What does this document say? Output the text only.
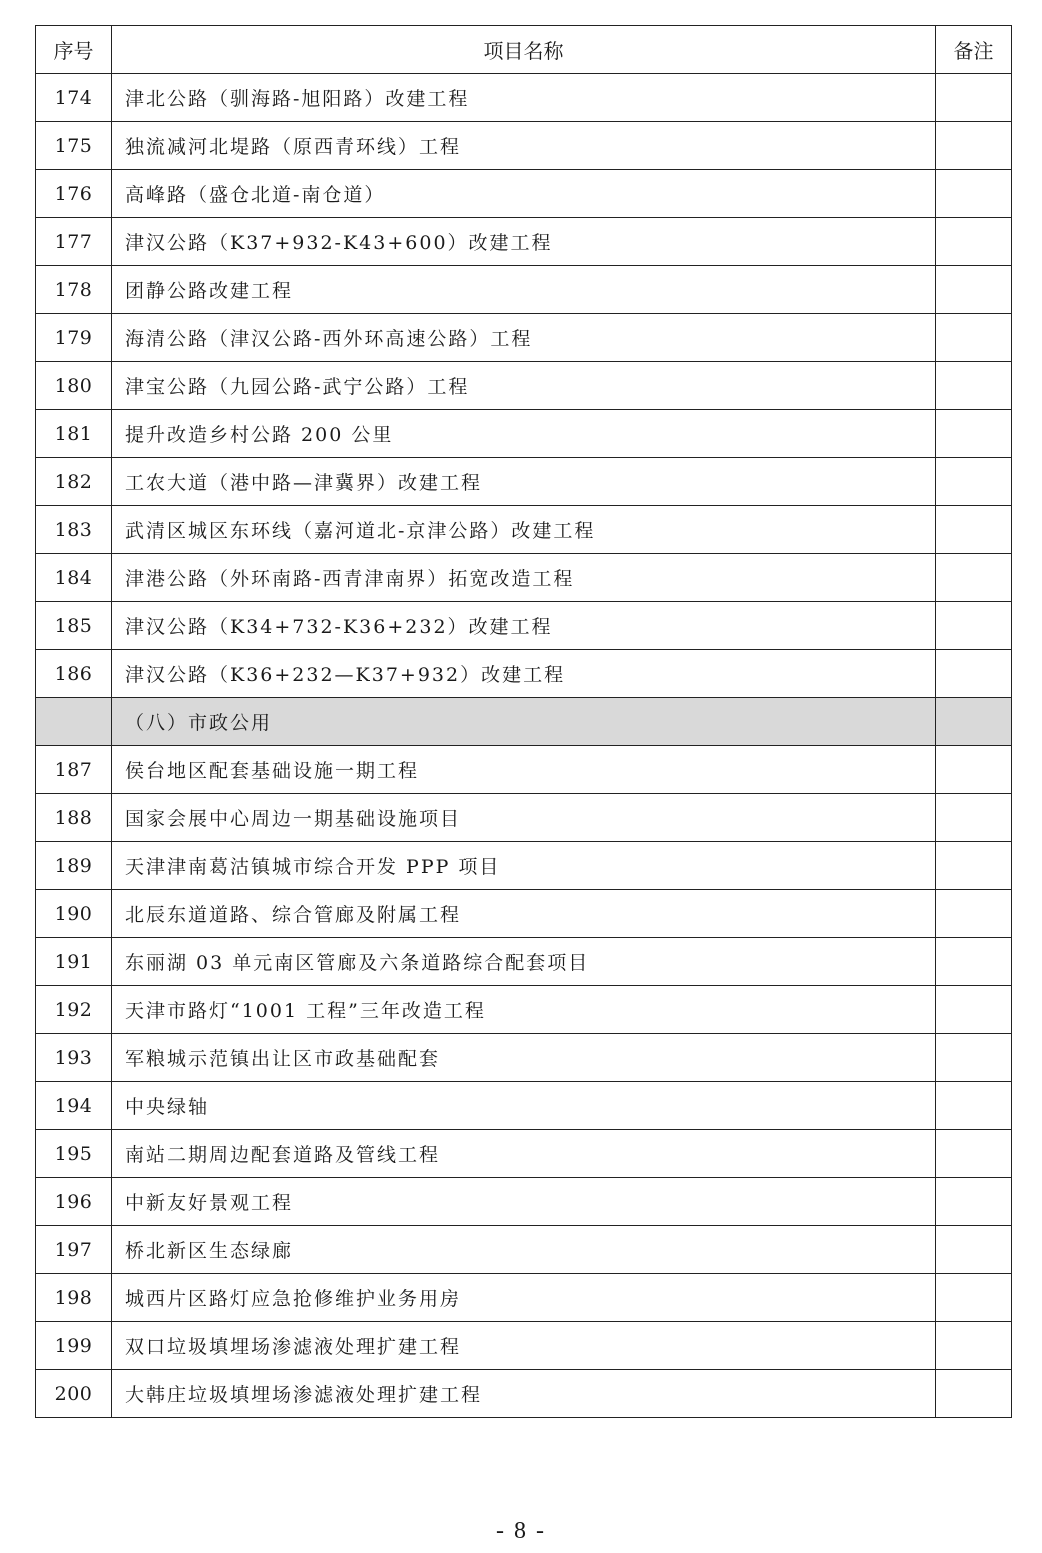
序号	项目名称	备注
174	津北公路（驯海路-旭阳路）改建工程	
175	独流减河北堤路（原西青环线）工程	
176	高峰路（盛仓北道-南仓道）	
177	津汉公路（K37+932-K43+600）改建工程	
178	团静公路改建工程	
179	海清公路（津汉公路-西外环高速公路）工程	
180	津宝公路（九园公路-武宁公路）工程	
181	提升改造乡村公路 200 公里	
182	工农大道（港中路—津冀界）改建工程	
183	武清区城区东环线（嘉河道北-京津公路）改建工程	
184	津港公路（外环南路-西青津南界）拓宽改造工程	
185	津汉公路（K34+732-K36+232）改建工程	
186	津汉公路（K36+232—K37+932）改建工程	
	（八）市政公用	
187	侯台地区配套基础设施一期工程	
188	国家会展中心周边一期基础设施项目	
189	天津津南葛沽镇城市综合开发 PPP 项目	
190	北辰东道道路、综合管廊及附属工程	
191	东丽湖 03 单元南区管廊及六条道路综合配套项目	
192	天津市路灯“1001 工程”三年改造工程	
193	军粮城示范镇出让区市政基础配套	
194	中央绿轴	
195	南站二期周边配套道路及管线工程	
196	中新友好景观工程	
197	桥北新区生态绿廊	
198	城西片区路灯应急抢修维护业务用房	
199	双口垃圾填埋场渗滤液处理扩建工程	
200	大韩庄垃圾填埋场渗滤液处理扩建工程	
- 8 -
